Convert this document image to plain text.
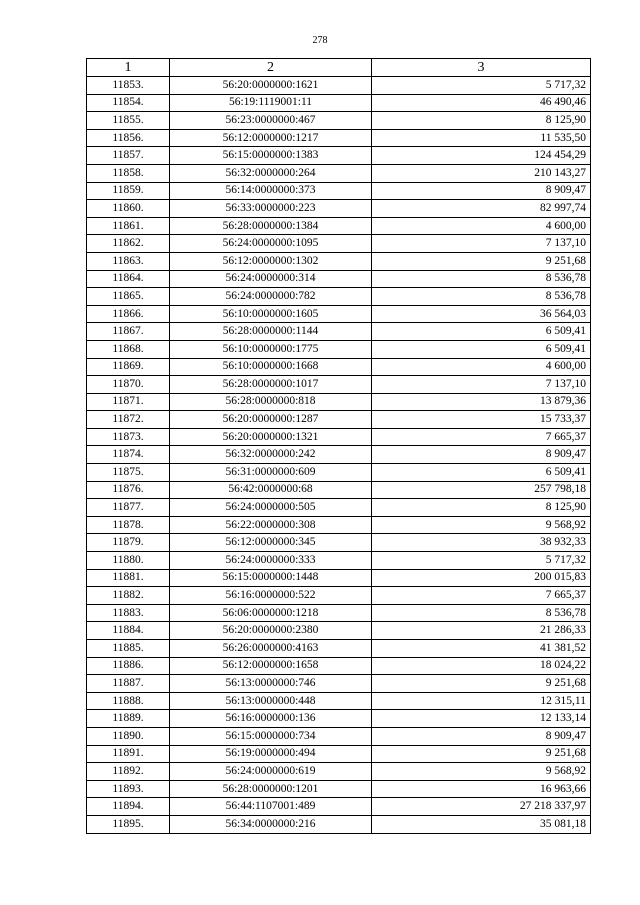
278
1	2	3
11853.	56:20:0000000:1621	5 717,32
11854.	56:19:1119001:11	46 490,46
11855.	56:23:0000000:467	8 125,90
11856.	56:12:0000000:1217	11 535,50
11857.	56:15:0000000:1383	124 454,29
11858.	56:32:0000000:264	210 143,27
11859.	56:14:0000000:373	8 909,47
11860.	56:33:0000000:223	82 997,74
11861.	56:28:0000000:1384	4 600,00
11862.	56:24:0000000:1095	7 137,10
11863.	56:12:0000000:1302	9 251,68
11864.	56:24:0000000:314	8 536,78
11865.	56:24:0000000:782	8 536,78
11866.	56:10:0000000:1605	36 564,03
11867.	56:28:0000000:1144	6 509,41
11868.	56:10:0000000:1775	6 509,41
11869.	56:10:0000000:1668	4 600,00
11870.	56:28:0000000:1017	7 137,10
11871.	56:28:0000000:818	13 879,36
11872.	56:20:0000000:1287	15 733,37
11873.	56:20:0000000:1321	7 665,37
11874.	56:32:0000000:242	8 909,47
11875.	56:31:0000000:609	6 509,41
11876.	56:42:0000000:68	257 798,18
11877.	56:24:0000000:505	8 125,90
11878.	56:22:0000000:308	9 568,92
11879.	56:12:0000000:345	38 932,33
11880.	56:24:0000000:333	5 717,32
11881.	56:15:0000000:1448	200 015,83
11882.	56:16:0000000:522	7 665,37
11883.	56:06:0000000:1218	8 536,78
11884.	56:20:0000000:2380	21 286,33
11885.	56:26:0000000:4163	41 381,52
11886.	56:12:0000000:1658	18 024,22
11887.	56:13:0000000:746	9 251,68
11888.	56:13:0000000:448	12 315,11
11889.	56:16:0000000:136	12 133,14
11890.	56:15:0000000:734	8 909,47
11891.	56:19:0000000:494	9 251,68
11892.	56:24:0000000:619	9 568,92
11893.	56:28:0000000:1201	16 963,66
11894.	56:44:1107001:489	27 218 337,97
11895.	56:34:0000000:216	35 081,18
